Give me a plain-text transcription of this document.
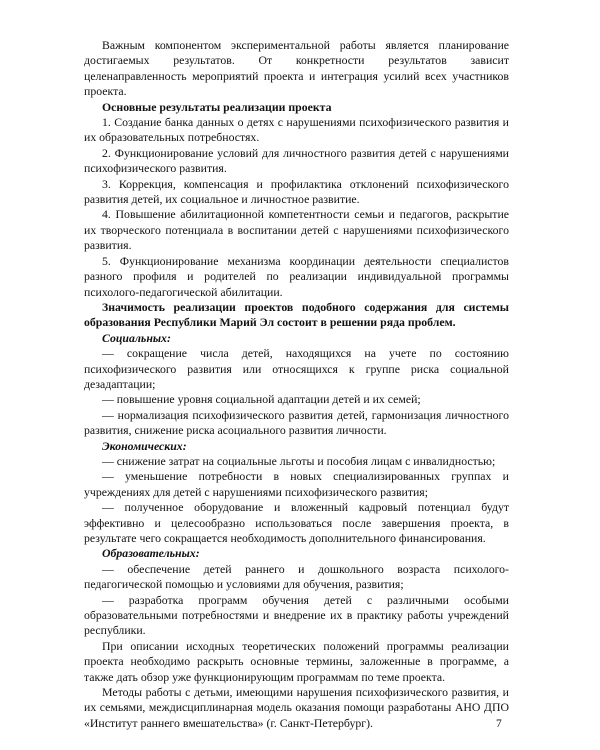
Важным компонентом экспериментальной работы является планирование достигаемых результатов. От конкретности результатов зависит целенаправленность мероприятий проекта и интеграция усилий всех участников проекта.

Основные результаты реализации проекта

1. Создание банка данных о детях с нарушениями психофизического развития и их образовательных потребностях.

2. Функционирование условий для личностного развития детей с нарушениями психофизического развития.

3. Коррекция, компенсация и профилактика отклонений психофизического развития детей, их социальное и личностное развитие.

4. Повышение абилитационной компетентности семьи и педагогов, раскрытие их творческого потенциала в воспитании детей с нарушениями психофизического развития.

5. Функционирование механизма координации деятельности специалистов разного профиля и родителей по реализации индивидуальной программы психолого-педагогической абилитации.

Значимость реализации проектов подобного содержания для системы образования Республики Марий Эл состоит в решении ряда проблем.

Социальных:

— сокращение числа детей, находящихся на учете по состоянию психофизического развития или относящихся к группе риска социальной дезадаптации;

— повышение уровня социальной адаптации детей и их семей;

— нормализация психофизического развития детей, гармонизация личностного развития, снижение риска асоциального развития личности.

Экономических:

— снижение затрат на социальные льготы и пособия лицам с инвалидностью;

— уменьшение потребности в новых специализированных группах и учреждениях для детей с нарушениями психофизического развития;

— полученное оборудование и вложенный кадровый потенциал будут эффективно и целесообразно использоваться после завершения проекта, в результате чего сокращается необходимость дополнительного финансирования.

Образовательных:

— обеспечение детей раннего и дошкольного возраста психолого-педагогической помощью и условиями для обучения, развития;

— разработка программ обучения детей с различными особыми образовательными потребностями и внедрение их в практику работы учреждений республики.

При описании исходных теоретических положений программы реализации проекта необходимо раскрыть основные термины, заложенные в программе, а также дать обзор уже функционирующим программам по теме проекта.

Методы работы с детьми, имеющими нарушения психофизического развития, и их семьями, междисциплинарная модель оказания помощи разработаны АНО ДПО «Институт раннего вмешательства» (г. Санкт-Петербург).	7
